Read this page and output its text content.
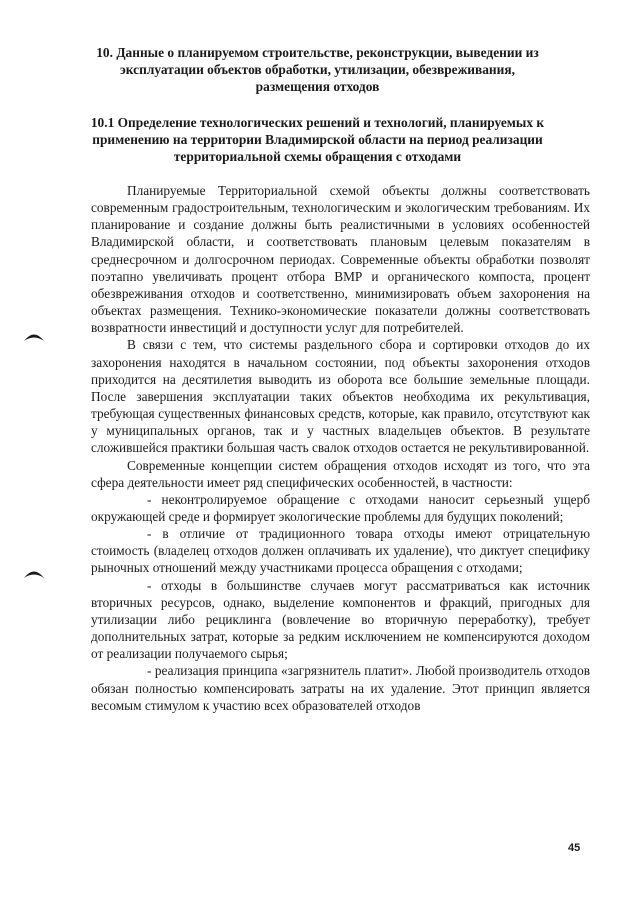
10. Данные о планируемом строительстве, реконструкции, выведении из эксплуатации объектов обработки, утилизации, обезвреживания, размещения отходов
10.1 Определение технологических решений и технологий, планируемых к применению на территории Владимирской области на период реализации территориальной схемы обращения с отходами

Планируемые Территориальной схемой объекты должны соответствовать современным градостроительным, технологическим и экологическим требованиям. Их планирование и создание должны быть реалистичными в условиях особенностей Владимирской области, и соответствовать плановым целевым показателям в среднесрочном и долгосрочном периодах. Современные объекты обработки позволят поэтапно увеличивать процент отбора ВМР и органического компоста, процент обезвреживания отходов и соответственно, минимизировать объем захоронения на объектах размещения. Технико-экономические показатели должны соответствовать возвратности инвестиций и доступности услуг для потребителей.

В связи с тем, что системы раздельного сбора и сортировки отходов до их захоронения находятся в начальном состоянии, под объекты захоронения отходов приходится на десятилетия выводить из оборота все большие земельные площади. После завершения эксплуатации таких объектов необходима их рекультивация, требующая существенных финансовых средств, которые, как правило, отсутствуют как у муниципальных органов, так и у частных владельцев объектов. В результате сложившейся практики большая часть свалок отходов остается не рекультивированной.

Современные концепции систем обращения отходов исходят из того, что эта сфера деятельности имеет ряд специфических особенностей, в частности:

- неконтролируемое обращение с отходами наносит серьезный ущерб окружающей среде и формирует экологические проблемы для будущих поколений;

- в отличие от традиционного товара отходы имеют отрицательную стоимость (владелец отходов должен оплачивать их удаление), что диктует специфику рыночных отношений между участниками процесса обращения с отходами;

- отходы в большинстве случаев могут рассматриваться как источник вторичных ресурсов, однако, выделение компонентов и фракций, пригодных для утилизации либо рециклинга (вовлечение во вторичную переработку), требует дополнительных затрат, которые за редким исключением не компенсируются доходом от реализации получаемого сырья;

- реализация принципа «загрязнитель платит». Любой производитель отходов обязан полностью компенсировать затраты на их удаление. Этот принцип является весомым стимулом к участию всех образователей отходов

45
